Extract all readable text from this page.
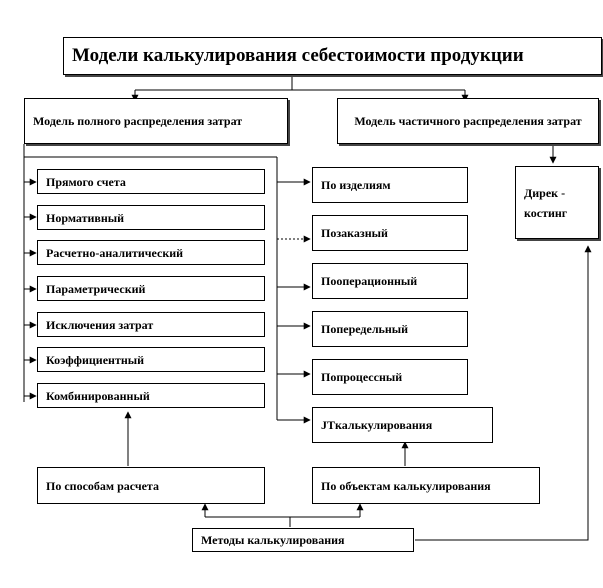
Модели калькулирования себестоимости продукции
Модель полного распределения затрат	Модель частичного распределения затрат
Дирек - костинг
Прямого счета
Нормативный
Расчетно-аналитический
Параметрический
Исключения затрат
Коэффициентный
Комбинированный
По изделиям
Позаказный
Пооперационный
Попередельный
Попроцессный
JTкалькулирования
По способам расчета	По объектам калькулирования
Методы калькулирования
